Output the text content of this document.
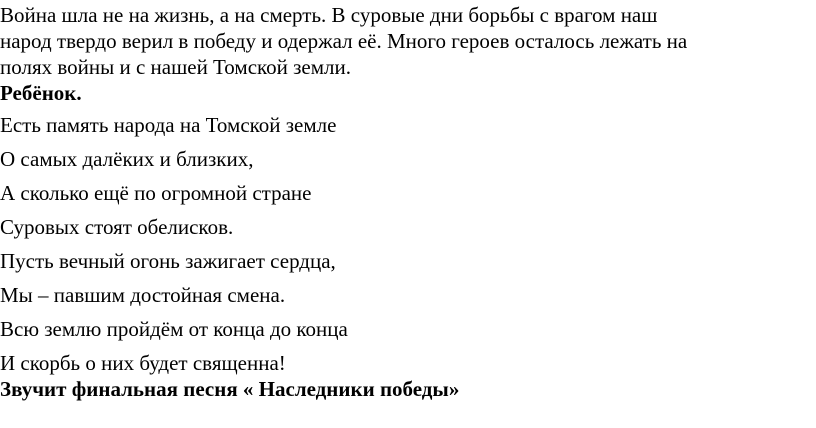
Война шла не на жизнь, а на смерть. В суровые дни борьбы с врагом наш
народ твердо верил в победу и одержал её. Много героев осталось лежать на
полях войны и с нашей Томской земли.

Ребёнок.

Есть память народа на Томской земле
О самых далёких и близких,
А сколько ещё по огромной стране
Суровых стоят обелисков.
Пусть вечный огонь зажигает сердца,
Мы – павшим достойная смена.
Всю землю пройдём от конца до конца
И скорбь о них будет священна!

Звучит финальная песня « Наследники победы»
